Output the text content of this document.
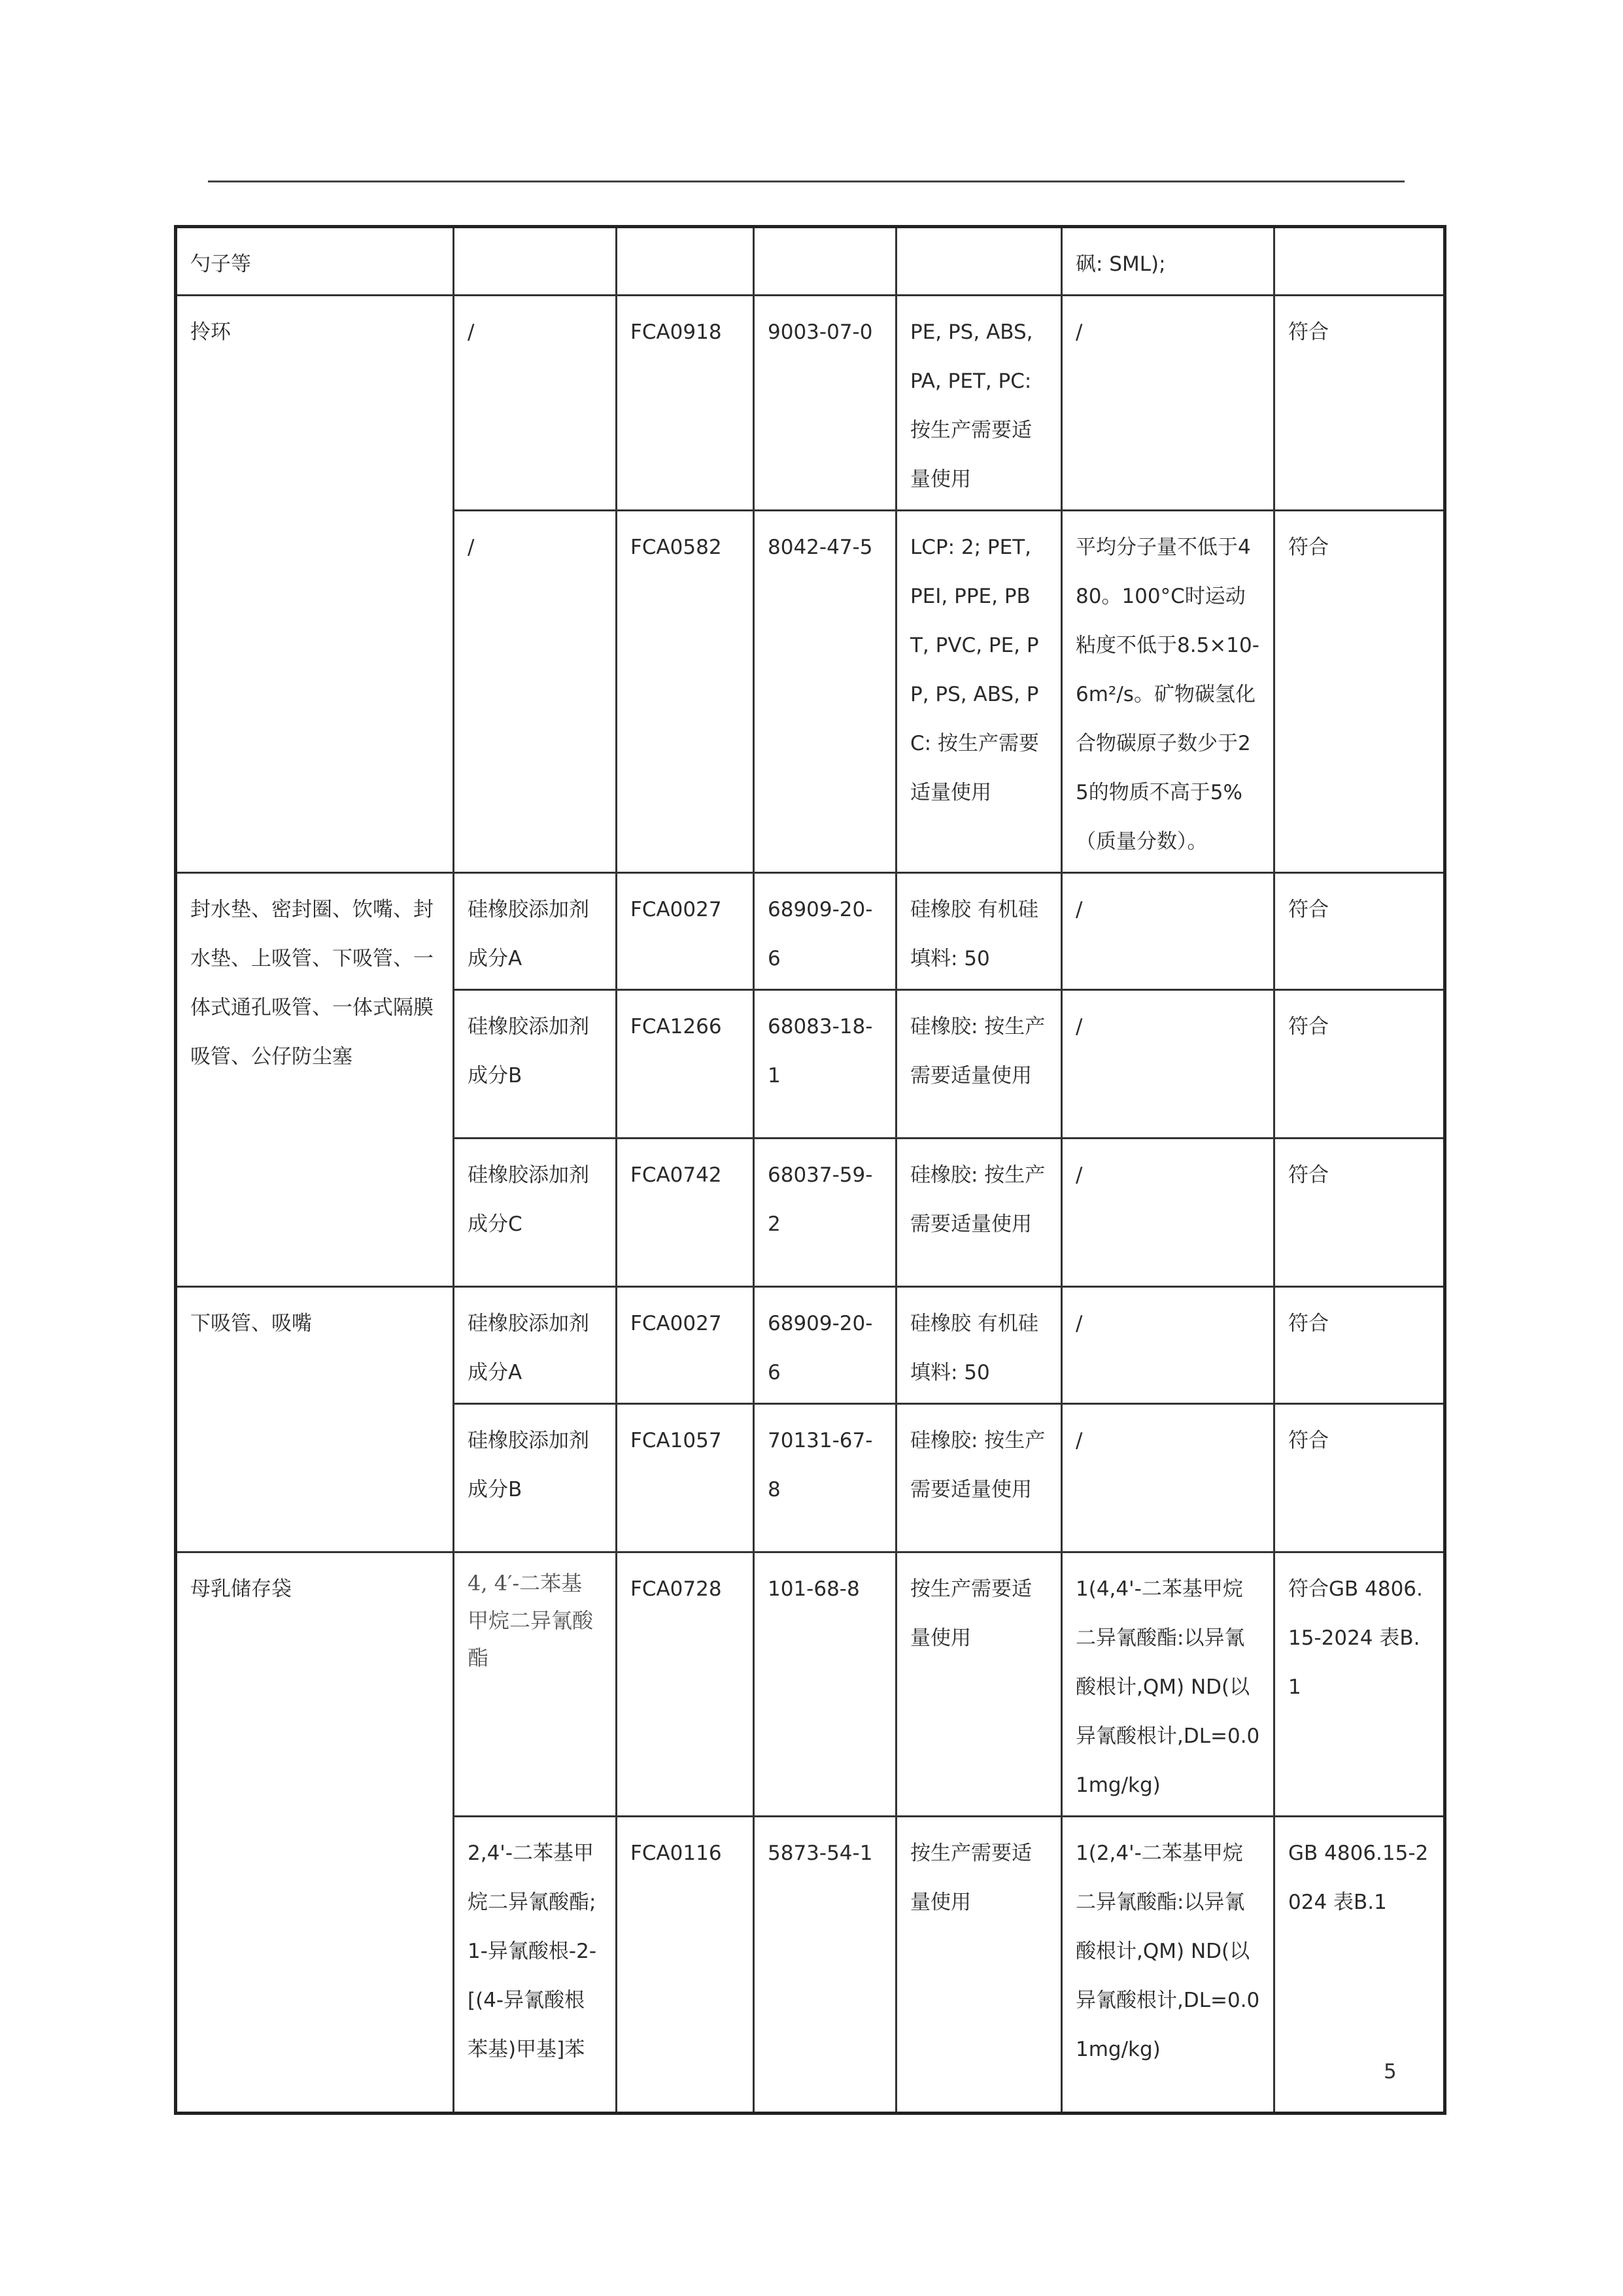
勺子等					砜: SML);	
拎环	/	FCA0918	9003-07-0	PE, PS, ABS, PA, PET, PC: 按生产需要适量使用	/	符合
	/	FCA0582	8042-47-5	LCP: 2; PET, PEI, PPE, PBT, PVC, PE, PP, PS, ABS, PC: 按生产需要适量使用	平均分子量不低于480。100°C时运动粘度不低于8.5×10-6m²/s。矿物碳氢化合物碳原子数少于25的物质不高于5%（质量分数）。	符合
封水垫、密封圈、饮嘴、封水垫、上吸管、下吸管、一体式通孔吸管、一体式隔膜吸管、公仔防尘塞	硅橡胶添加剂成分A	FCA0027	68909-20-6	硅橡胶 有机硅填料: 50	/	符合
	硅橡胶添加剂成分B	FCA1266	68083-18-1	硅橡胶: 按生产需要适量使用	/	符合
	硅橡胶添加剂成分C	FCA0742	68037-59-2	硅橡胶: 按生产需要适量使用	/	符合
下吸管、吸嘴	硅橡胶添加剂成分A	FCA0027	68909-20-6	硅橡胶 有机硅填料: 50	/	符合
	硅橡胶添加剂成分B	FCA1057	70131-67-8	硅橡胶: 按生产需要适量使用	/	符合
母乳储存袋	4, 4′-二苯基甲烷二异氰酸酯	FCA0728	101-68-8	按生产需要适量使用	1(4,4'-二苯基甲烷二异氰酸酯:以异氰酸根计,QM) ND(以异氰酸根计,DL=0.01mg/kg)	符合GB 4806.15-2024 表B.1
	2,4'-二苯基甲烷二异氰酸酯;1-异氰酸根-2-[(4-异氰酸根苯基)甲基]苯	FCA0116	5873-54-1	按生产需要适量使用	1(2,4'-二苯基甲烷二异氰酸酯:以异氰酸根计,QM) ND(以异氰酸根计,DL=0.01mg/kg)	GB 4806.15-2024 表B.1
5
